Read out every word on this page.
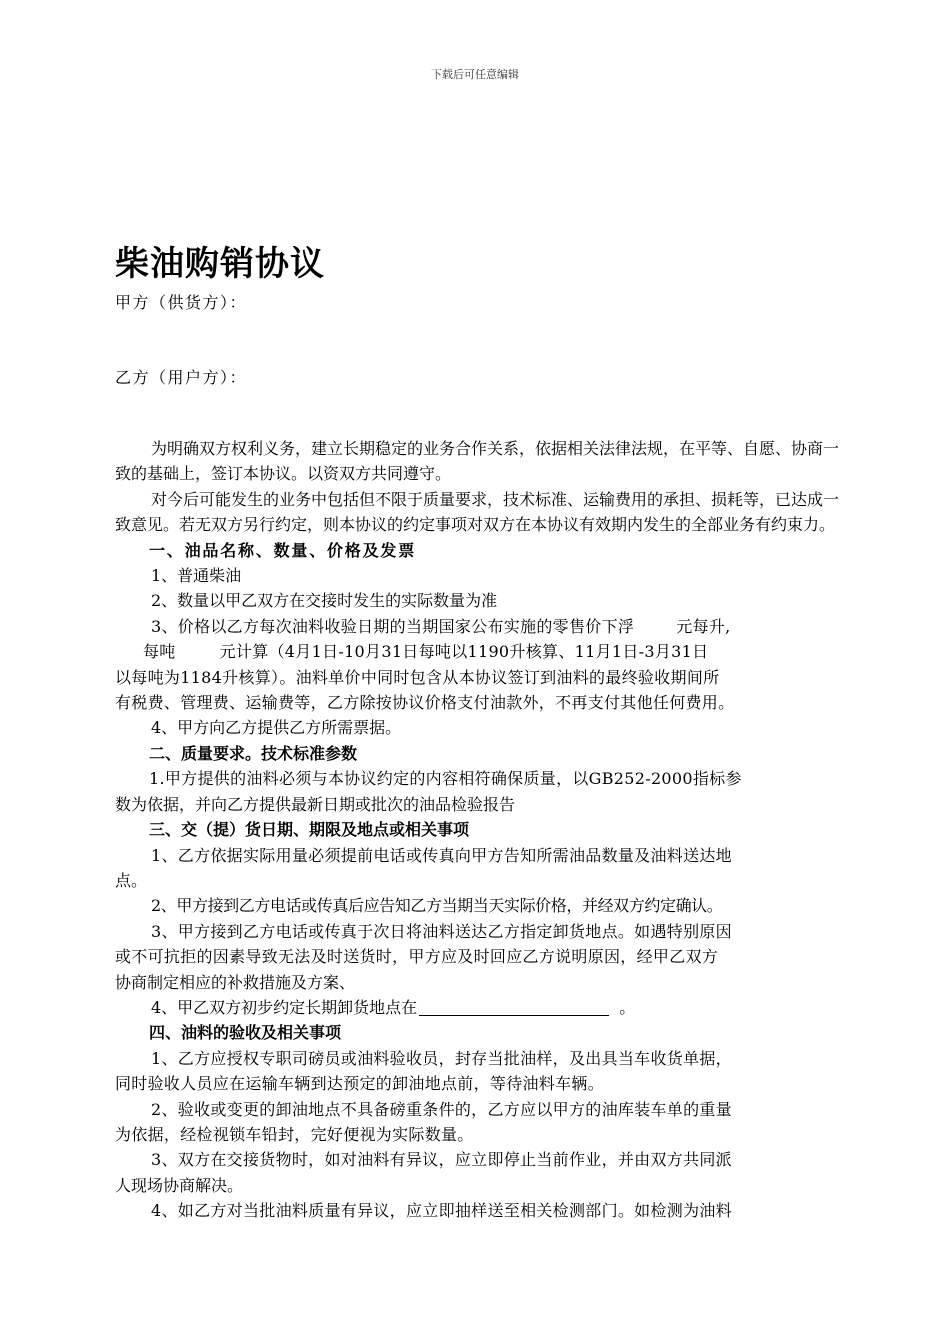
下载后可任意编辑
柴油购销协议
甲方（供货方）：
乙方（用户方）：

为明确双方权利义务，建立长期稳定的业务合作关系，依据相关法律法规，在平等、自愿、协商一致的基础上，签订本协议。以资双方共同遵守。

对今后可能发生的业务中包括但不限于质量要求，技术标准、运输费用的承担、损耗等，已达成一致意见。若无双方另行约定，则本协议的约定事项对双方在本协议有效期内发生的全部业务有约束力。

一、油品名称、数量、价格及发票

1、普通柴油

2、数量以甲乙双方在交接时发生的实际数量为准

3、价格以乙方每次油料收验日期的当期国家公布实施的零售价下浮	元每升,

每吨	元计算（4月1日-10月31日每吨以1190升核算、11月1日-3月31日

以每吨为1184升核算）。油料单价中同时包含从本协议签订到油料的最终验收期间所

有税费、管理费、运输费等，乙方除按协议价格支付油款外，不再支付其他任何费用。

4、甲方向乙方提供乙方所需票据。

二、质量要求。技术标准参数

1.甲方提供的油料必须与本协议约定的内容相符确保质量，以GB252-2000指标参

数为依据，并向乙方提供最新日期或批次的油品检验报告

三、交（提）货日期、期限及地点或相关事项

1、乙方依据实际用量必须提前电话或传真向甲方告知所需油品数量及油料送达地

点。

2、甲方接到乙方电话或传真后应告知乙方当期当天实际价格，并经双方约定确认。

3、甲方接到乙方电话或传真于次日将油料送达乙方指定卸货地点。如遇特别原因

或不可抗拒的因素导致无法及时送货时，甲方应及时回应乙方说明原因，经甲乙双方

协商制定相应的补救措施及方案、

4、甲乙双方初步约定长期卸货地点在	。

四、油料的验收及相关事项

1、乙方应授权专职司磅员或油料验收员，封存当批油样，及出具当车收货单据，

同时验收人员应在运输车辆到达预定的卸油地点前，等待油料车辆。

2、验收或变更的卸油地点不具备磅重条件的，乙方应以甲方的油库装车单的重量

为依据，经检视锁车铅封，完好便视为实际数量。

3、双方在交接货物时，如对油料有异议，应立即停止当前作业，并由双方共同派

人现场协商解决。

4、如乙方对当批油料质量有异议，应立即抽样送至相关检测部门。如检测为油料
